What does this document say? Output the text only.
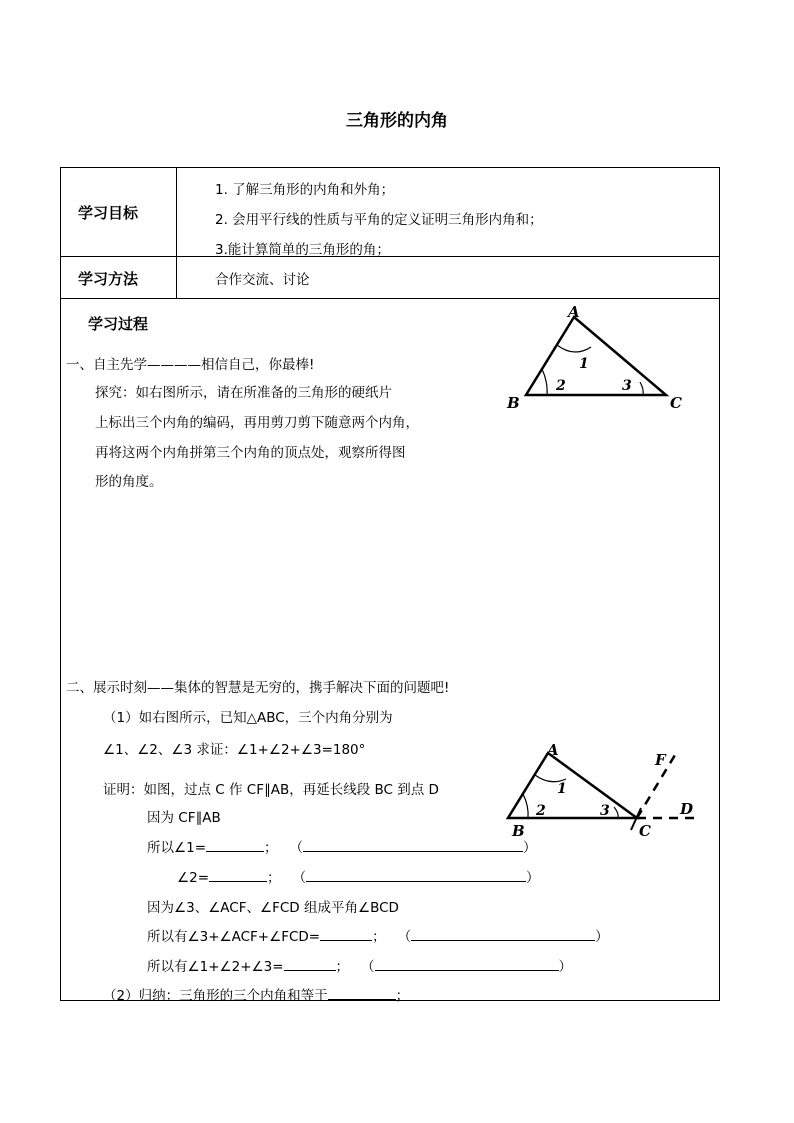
三角形的内角
学习目标
1. 了解三角形的内角和外角；
2. 会用平行线的性质与平角的定义证明三角形内角和；
3.能计算简单的三角形的角；
学习方法	合作交流、讨论
学习过程
一、自主先学————相信自己，你最棒!
探究：如右图所示，请在所准备的三角形的硬纸片
上标出三个内角的编码，再用剪刀剪下随意两个内角，
再将这两个内角拼第三个内角的顶点处，观察所得图
形的角度。
A
B	C
1
2	3
二、展示时刻——集体的智慧是无穷的，携手解决下面的问题吧!
（1）如右图所示，已知△ABC，三个内角分别为
∠1、∠2、∠3 求证：∠1+∠2+∠3=180°
证明：如图，过点 C 作 CF∥AB，再延长线段 BC 到点 D
因为 CF∥AB
所以∠1=	； （	）
∠2=	； （	）
因为∠3、∠ACF、∠FCD 组成平角∠BCD
所以有∠3+∠ACF+∠FCD=	； （	）
所以有∠1+∠2+∠3=	； （	）
（2）归纳：三角形的三个内角和等于	；
A
B	C
F
D
1
2	3
